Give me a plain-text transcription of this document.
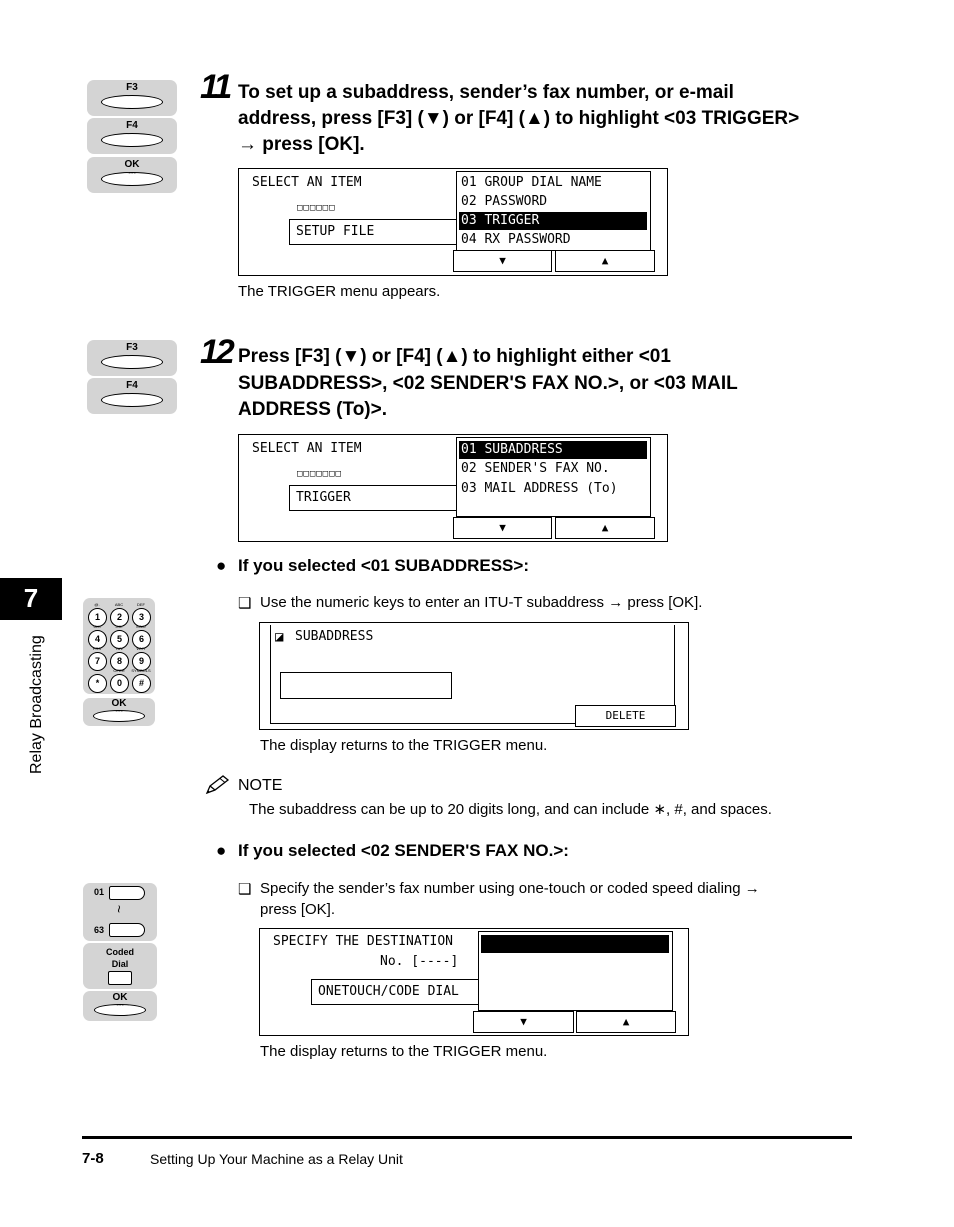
7
Relay Broadcasting
F3
F4
OK
◦◦◦
11 To set up a subaddress, sender’s fax number, or e-mail
address, press [F3] (▼) or [F4] (▲) to highlight <03 TRIGGER>
→ press [OK].
SELECT AN ITEM
□□□□□□
SETUP FILE
01 GROUP DIAL NAME
02 PASSWORD
03 TRIGGER	▲
▼
04 RX PASSWORD
▼	▲
The TRIGGER menu appears.
F3
F4
12 Press [F3] (▼) or [F4] (▲) to highlight either <01
SUBADDRESS>, <02 SENDER'S FAX NO.>, or <03 MAIL
ADDRESS (To)>.
SELECT AN ITEM
□□□□□□□
TRIGGER
01 SUBADDRESS	▲
▼
02 SENDER'S FAX NO.
03 MAIL ADDRESS (To)
▼	▲
● If you selected <01 SUBADDRESS>:
@.
1
ABC
2
DEF
3
GHI
4
JKL
5
MNO
6
PRS
7
TUV
8
WXY
9
*
OPER
0
SYMBOLS
#
OK
◦◦◦
❑ Use the numeric keys to enter an ITU-T subaddress → press [OK].
◪ SUBADDRESS
DELETE
The display returns to the TRIGGER menu.
NOTE
The subaddress can be up to 20 digits long, and can include ∗, #, and spaces.
● If you selected <02 SENDER'S FAX NO.>:
01
~
63
Coded Dial
OK
◦◦◦
❑ Specify the sender’s fax number using one-touch or coded speed dialing →
press [OK].
SPECIFY THE DESTINATION
No. [----]
ONETOUCH/CODE DIAL

01
NATALIE SMITH

▲
▼
▼	▲
The display returns to the TRIGGER menu.
7-8	Setting Up Your Machine as a Relay Unit
